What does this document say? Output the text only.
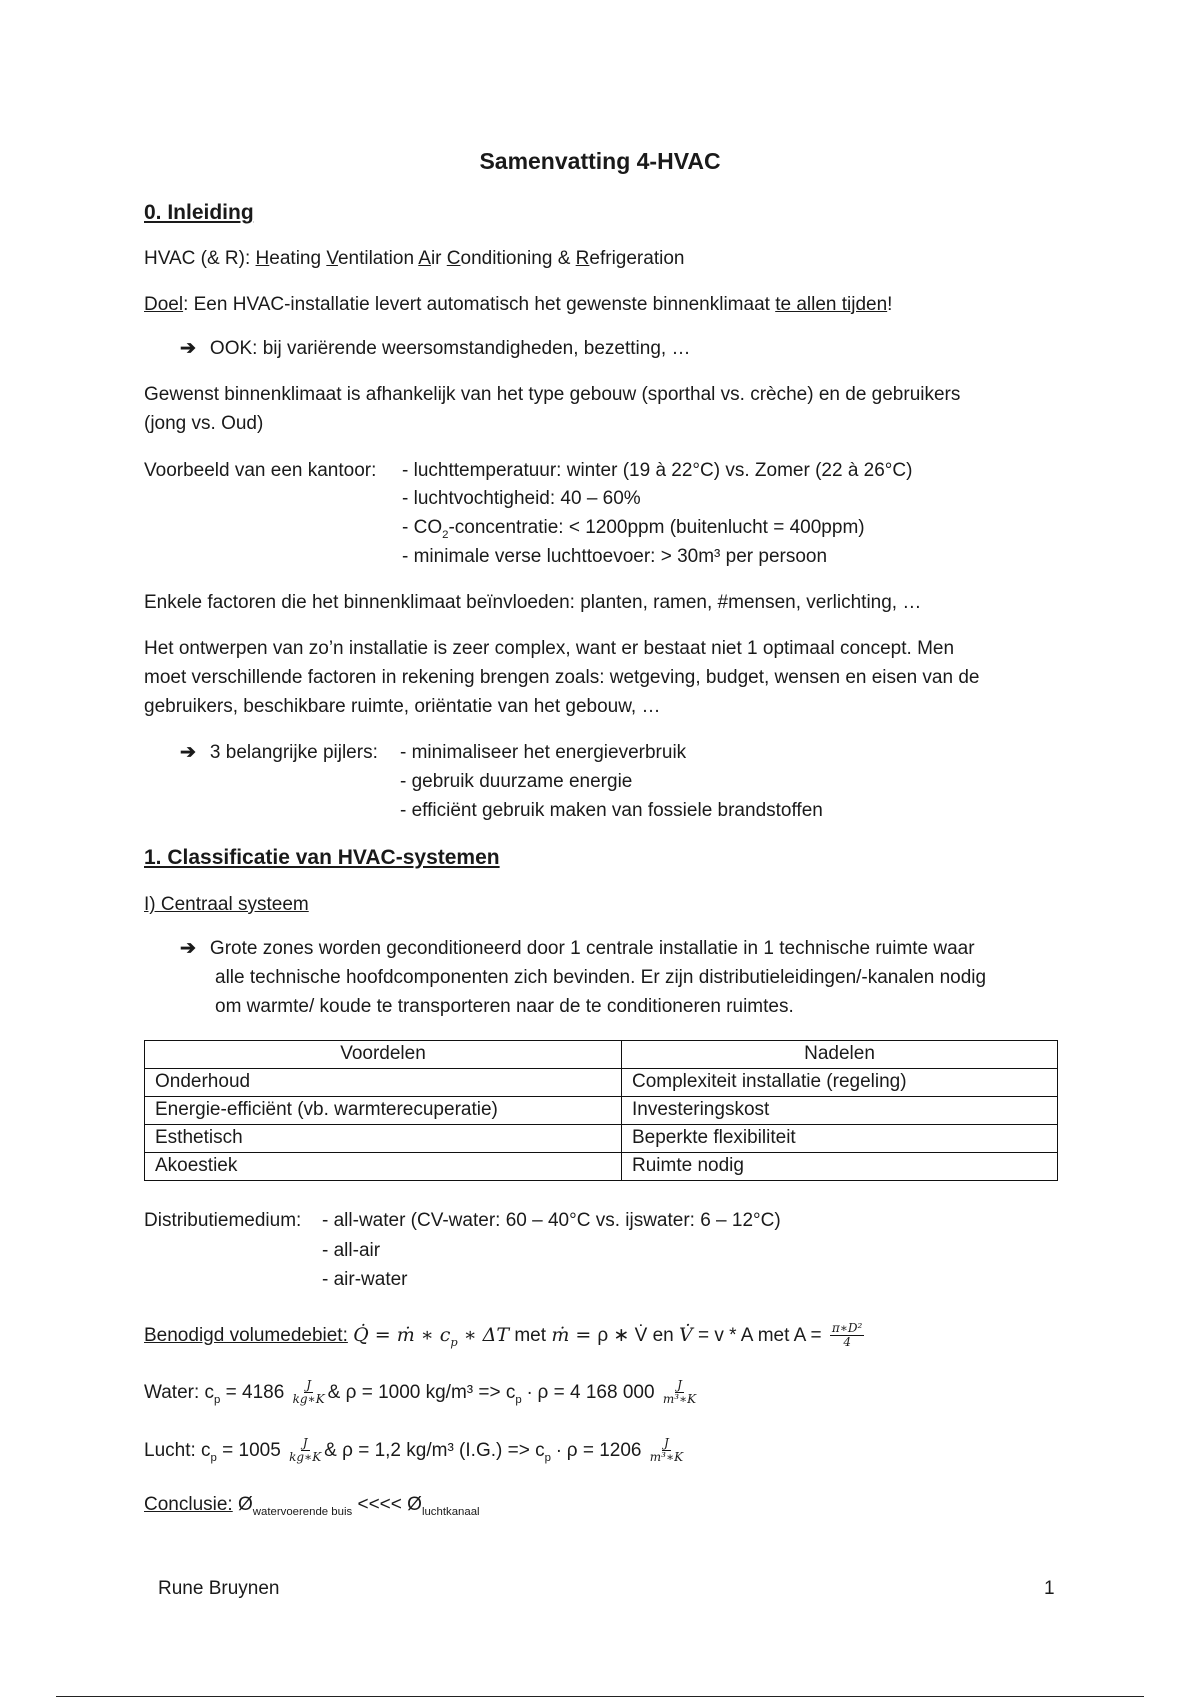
Samenvatting 4-HVAC
0. Inleiding
HVAC (& R): Heating Ventilation Air Conditioning & Refrigeration
Doel: Een HVAC-installatie levert automatisch het gewenste binnenklimaat te allen tijden!
➔ OOK: bij variërende weersomstandigheden, bezetting, …
Gewenst binnenklimaat is afhankelijk van het type gebouw (sporthal vs. crèche) en de gebruikers
(jong vs. Oud)
Voorbeeld van een kantoor: - luchttemperatuur: winter (19 à 22°C) vs. Zomer (22 à 26°C)
- luchtvochtigheid: 40 – 60%
- $CO_2$-concentratie: < 1200ppm (buitenlucht = 400ppm)
- minimale verse luchttoevoer: > 30m³ per persoon
Enkele factoren die het binnenklimaat beïnvloeden: planten, ramen, #mensen, verlichting, …
Het ontwerpen van zo’n installatie is zeer complex, want er bestaat niet 1 optimaal concept. Men
moet verschillende factoren in rekening brengen zoals: wetgeving, budget, wensen en eisen van de
gebruikers, beschikbare ruimte, oriëntatie van het gebouw, …
➔ 3 belangrijke pijlers: - minimaliseer het energieverbruik
- gebruik duurzame energie
- efficiënt gebruik maken van fossiele brandstoffen
1. Classificatie van HVAC-systemen
I) Centraal systeem
➔ Grote zones worden geconditioneerd door 1 centrale installatie in 1 technische ruimte waar
alle technische hoofdcomponenten zich bevinden. Er zijn distributieleidingen/-kanalen nodig
om warmte/ koude te transporteren naar de te conditioneren ruimtes.
Voordelen	Nadelen
Onderhoud	Complexiteit installatie (regeling)
Energie-efficiënt (vb. warmterecuperatie)	Investeringskost
Esthetisch	Beperkte flexibiliteit
Akoestiek	Ruimte nodig
Distributiemedium: - all-water (CV-water: 60 – 40°C vs. ijswater: 6 – 12°C)
- all-air
- air-water
Benodigd volumedebiet: Q̇ = ṁ ∗ $c_p$ ∗ ΔT met ṁ = ρ ∗ V̇ en V̇ = v * A met $A = \frac{\text{π∗D²}}{4}$
Water: $c_p = 4186 \frac{J}{kg∗K}$ & ρ = 1000 $kg/m^3 => c_p \cdot \rho = 4$ 168 $000 \frac{J}{\text{m³∗K}}$
Lucht: $c_p = 1005 \frac{J}{kg∗K}$ & ρ = 1,2 kg/m³ $(I.G.) => c_p \cdot \rho = 1206 \frac{J}{\text{m³∗K}}$
Conclusie: $Ø_{watervoerende buis}$ <<<< $Ø_{luchtkanaal}$
Rune Bruynen	1
